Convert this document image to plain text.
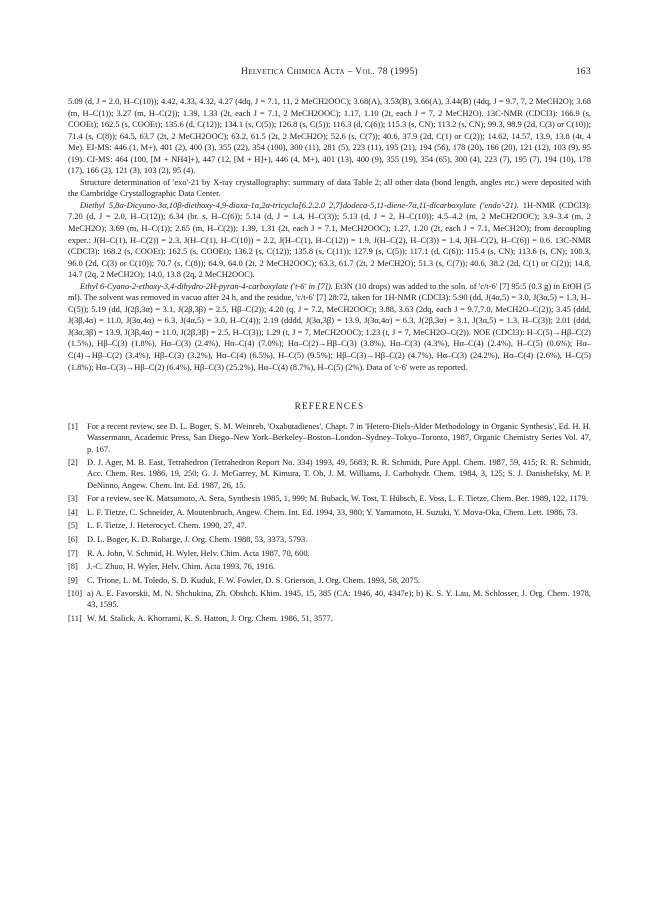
Helvetica Chimica Acta – Vol. 78 (1995)	163

5.09 (d, J = 2.0, H–C(10)); 4.42, 4.33, 4.32, 4.27 (4dq, J = 7.1, 11, 2 MeCH2OOC); 3.68(A), 3.53(B), 3.66(A), 3.44(B) (4dq, J = 9.7, 7, 2 MeCH2O); 3.68 (m, H–C(1)); 3.27 (m, H–C(2)); 1.39, 1.33 (2t, each J = 7.1, 2 MeCH2OOC); 1.17, 1.10 (2t, each J = 7, 2 MeCH2O). 13C-NMR (CDCl3): 166.9 (s, COOEt); 162.5 (s, COOEt); 135.6 (d, C(12)); 134.1 (s, C(5)); 126.8 (s, C(5)); 116.3 (d, C(6)); 115.3 (s, CN); 113.2 (s, CN); 99.3, 98.9 (2d, C(3) or C(10)); 71.4 (s, C(8)); 64.5, 63.7 (2t, 2 MeCH2OOC); 63.2, 61.5 (2t, 2 MeCH2O); 52.6 (s, C(7)); 40.6, 37.9 (2d, C(1) or C(2)); 14.62, 14.57, 13.9, 13.8 (4t, 4 Me). EI-MS: 446 (1, M+), 401 (2), 400 (3), 355 (22), 354 (100), 300 (11), 281 (5), 223 (11), 195 (21), 194 (56), 178 (20), 166 (20), 121 (12), 103 (9), 95 (19). CI-MS: 464 (100, [M + NH4]+), 447 (12, [M + H]+), 446 (4, M+), 401 (13), 400 (9), 355 (19), 354 (65), 300 (4), 223 (7), 195 (7), 194 (10), 178 (17), 166 (2), 121 (3), 103 (2), 95 (4).

Structure determination of 'exo'-21 by X-ray crystallography: summary of data Table 2; all other data (bond length, angles etc.) were deposited with the Cambridge Crystallographic Data Center.

Diethyl 5,8α-Dicyano-3α,10β-diethoxy-4,9-dioxa-1α,2α-tricyclo[6.2.2.0 2,7]dodeca-5,11-diene-7α,11-dicarboxylate ('endo'-21). 1H-NMR (CDCl3): 7.20 (d, J = 2.0, H–C(12)); 6.34 (br. s, H–C(6)); 5.14 (d, J = 1.4, H–C(3)); 5.13 (d, J = 2, H–C(10)); 4.5–4.2 (m, 2 MeCH2OOC); 3.9–3.4 (m, 2 MeCH2O); 3.69 (m, H–C(1)); 2.65 (m, H–C(2)); 1.39, 1.31 (2t, each J = 7.1, MeCH2OOC); 1.27, 1.20 (2t, each J = 7.1, MeCH2O); from decoupling exper.: J(H–C(1), H–C(2)) = 2.3, J(H–C(1), H–C(10)) = 2.2, J(H–C(1), H–C(12)) = 1.9, J(H–C(2), H–C(3)) = 1.4, J(H–C(2), H–C(6)) = 0.6. 13C-NMR (CDCl3): 168.2 (s, COOEt); 162.5 (s, COOEt); 136.2 (s, C(12)); 135.8 (s, C(11)); 127.9 (s, C(5)); 117.1 (d, C(6)); 115.4 (s, CN); 113.6 (s, CN); 100.3, 96.0 (2d, C(3) or C(10)); 70.7 (s, C(8)); 64.9, 64.0 (2t, 2 MeCH2OOC); 63.3, 61.7 (2t, 2 MeCH2O); 51.3 (s, C(7)); 40.6, 38.2 (2d, C(1) or C(2)); 14.8, 14.7 (2q, 2 MeCH2O); 14.0, 13.8 (2q, 2 MeCH2OOC).

Ethyl 6-Cyano-2-ethoxy-3,4-dihydro-2H-pyran-4-carboxylate ('t-6' in [7]). Et3N (10 drops) was added to the soln. of 'c/t-6' [7] 95:5 (0.3 g) in EtOH (5 ml). The solvent was removed in vacuo after 24 h, and the residue, 'c/t-6' [7] 28:72, taken for 1H-NMR (CDCl3): 5.90 (dd, J(4α,5) = 3.0, J(3α,5) = 1.3, H–C(5)); 5.19 (dd, J(2β,3α) = 3.1, J(2β,3β) = 2.5, Hβ–C(2)); 4.20 (q, J = 7.2, MeCH2OOC); 3.88, 3.63 (2dq, each J = 9.7,7.0, MeCH2O–C(2)); 3.45 (ddd, J(3β,4α) = 11.0, J(3α,4α) = 6.3, J(4α,5) = 3.0, H–C(4)); 2.19 (dddd, J(3α,3β) = 13.9, J(3α,4α) = 6.3, J(2β,3α) = 3.1, J(3α,5) = 1.3, H–C(3)); 2.01 (ddd, J(3α,3β) = 13.9, J(3β,4α) = 11.0, J(2β,3β) = 2.5, H–C(3)); 1.29 (t, J = 7, MeCH2OOC); 1.23 (t, J = 7, MeCH2O–C(2)). NOE (CDCl3): H–C(5)→Hβ–C(2) (1.5%), Hβ–C(3) (1.8%), Hα–C(3) (2.4%), Hα–C(4) (7.0%); Hα–C(2)→Hβ–C(3) (3.8%), Hα–C(3) (4.3%), Hα–C(4) (2.4%), H–C(5) (0.6%); Hα–C(4)→Hβ–C(2) (3.4%), Hβ–C(3) (3.2%), Hα–C(4) (6.5%), H–C(5) (9.5%); Hβ–C(3)→Hβ–C(2) (4.7%), Hα–C(3) (24.2%), Hα–C(4) (2.6%), H–C(5) (1.8%); Hα–C(3)→Hβ–C(2) (6.4%), Hβ–C(3) (25.2%), Hα–C(4) (8.7%), H–C(5) (2%). Data of 'c-6' were as reported.

REFERENCES
[1] For a recent review, see D. L. Boger, S. M. Weinreb, 'Oxabutadienes', Chapt. 7 in 'Hetero-Diels-Alder Methodology in Organic Synthesis', Ed. H. H. Wassermann, Academic Press, San Diego–New York–Berkeley–Boston–London–Sydney–Tokyo–Toronto, 1987, Organic Chemistry Series Vol. 47, p. 167.
[2] D. J. Ager, M. B. East, Tetrahedron (Tetrahedron Report No. 334) 1993, 49, 5683; R. R. Schmidt, Pure Appl. Chem. 1987, 59, 415; R. R. Schmidt, Acc. Chem. Res. 1986, 19, 250; G. J. McGarrey, M. Kimura, T. Oh, J. M. Williams, J. Carbohydr. Chem. 1984, 3, 125; S. J. Danishefsky, M. P. DeNinno, Angew. Chem. Int. Ed. 1987, 26, 15.
[3] For a review, see K. Matsumoto, A. Sera, Synthesis 1985, 1, 999; M. Buback, W. Tost, T. Hübsch, E. Voss, L. F. Tietze, Chem. Ber. 1989, 122, 1179.
[4] L. F. Tietze, C. Schneider, A. Moutenbruch, Angew. Chem. Int. Ed. 1994, 33, 980; Y. Yamamoto, H. Suzuki, Y. Mova-Oka, Chem. Lett. 1986, 73.
[5] L. F. Tietze, J. Heterocycl. Chem. 1990, 27, 47.
[6] D. L. Boger, K. D. Robarge, J. Org. Chem. 1988, 53, 3373, 5793.
[7] R. A. John, V. Schmid, H. Wyler, Helv. Chim. Acta 1987, 70, 600.
[8] J.-C. Zhuo, H. Wyler, Helv. Chim. Acta 1993, 76, 1916.
[9] C. Trione, L. M. Toledo, S. D. Kuduk, F. W. Fowler, D. S. Grierson, J. Org. Chem. 1993, 58, 2075.
[10] a) A. E. Favorskii, M. N. Shchukina, Zh. Obshch. Khim. 1945, 15, 385 (CA: 1946, 40, 4347e); b) K. S. Y. Lau, M. Schlosser, J. Org. Chem. 1978, 43, 1595.
[11] W. M. Stalick, A. Khorrami, K. S. Hatton, J. Org. Chem. 1986, 51, 3577.
